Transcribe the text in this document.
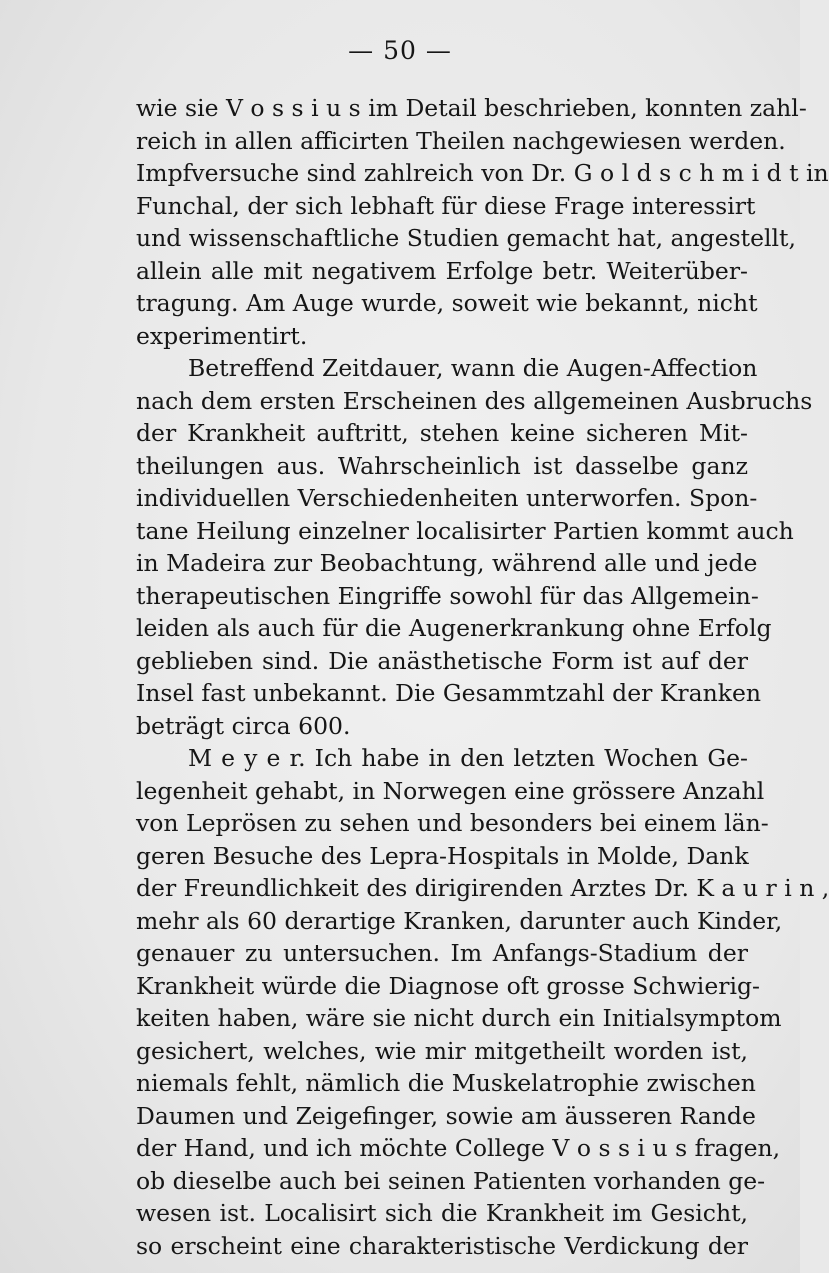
— 50 —
wie sie V o s s i u s im Detail beschrieben, konnten zahl-
reich in allen afficirten Theilen nachgewiesen werden.
Impfversuche sind zahlreich von Dr. G o l d s c h m i d t in
Funchal, der sich lebhaft für diese Frage interessirt
und wissenschaftliche Studien gemacht hat, angestellt,
allein alle mit negativem Erfolge betr. Weiterüber-
tragung. Am Auge wurde, soweit wie bekannt, nicht
experimentirt.
Betreffend Zeitdauer, wann die Augen-Affection
nach dem ersten Erscheinen des allgemeinen Ausbruchs
der Krankheit auftritt, stehen keine sicheren Mit-
theilungen aus. Wahrscheinlich ist dasselbe ganz
individuellen Verschiedenheiten unterworfen. Spon-
tane Heilung einzelner localisirter Partien kommt auch
in Madeira zur Beobachtung, während alle und jede
therapeutischen Eingriffe sowohl für das Allgemein-
leiden als auch für die Augenerkrankung ohne Erfolg
geblieben sind. Die anästhetische Form ist auf der
Insel fast unbekannt. Die Gesammtzahl der Kranken
beträgt circa 600.
M e y e r. Ich habe in den letzten Wochen Ge-
legenheit gehabt, in Norwegen eine grössere Anzahl
von Leprösen zu sehen und besonders bei einem län-
geren Besuche des Lepra-Hospitals in Molde, Dank
der Freundlichkeit des dirigirenden Arztes Dr. K a u r i n ,
mehr als 60 derartige Kranken, darunter auch Kinder,
genauer zu untersuchen. Im Anfangs-Stadium der
Krankheit würde die Diagnose oft grosse Schwierig-
keiten haben, wäre sie nicht durch ein Initialsymptom
gesichert, welches, wie mir mitgetheilt worden ist,
niemals fehlt, nämlich die Muskelatrophie zwischen
Daumen und Zeigefinger, sowie am äusseren Rande
der Hand, und ich möchte College V o s s i u s fragen,
ob dieselbe auch bei seinen Patienten vorhanden ge-
wesen ist. Localisirt sich die Krankheit im Gesicht,
so erscheint eine charakteristische Verdickung der
